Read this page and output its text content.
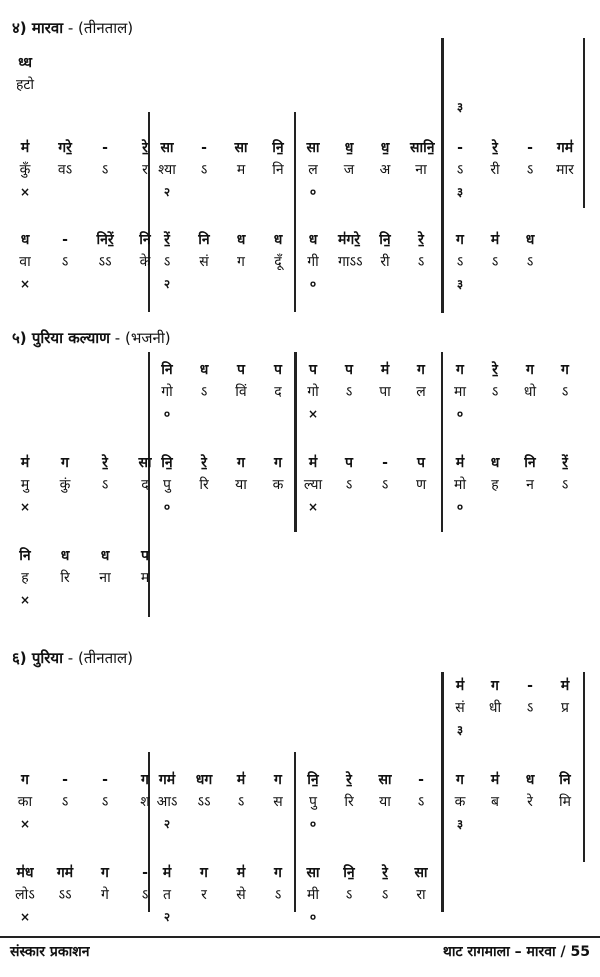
४) मारवा - (तीनताल)
५) पुरिया कल्याण - (भजनी)
६) पुरिया - (तीनताल)
ध्ध
हटो
म॑
कुँ
×
गरे॒
वऽ
-
ऽ
रे॒
र
सा
श्या
२
-
ऽ
सा
म
नि॒
नि
सा
ल
०
ध॒
ज
ध॒
अ
सानि॒
ना
-
ऽ
३
रे॒
री
-
ऽ
गम॑
मार
ध
वा
×
-
ऽ
निरें॒
ऽऽ
नि
के
रें॒
ऽ
२
नि
सं
ध
ग
ध
दूँ
ध
गी
०
म॑गरे॒
गाऽऽ
नि॒
री
रे॒
ऽ
ग
ऽ
३
म॑
ऽ
ध
ऽ
३
नि
गो
०
ध
ऽ
प
विं
प
द
प
गो
×
प
ऽ
म॑
पा
ग
ल
ग
मा
०
रे॒
ऽ
ग
धो
ग
ऽ
म॑
मु
×
ग
कुं
रे॒
ऽ
सा
द
नि॒
पु
०
रे॒
रि
ग
या
ग
क
म॑
ल्या
×
प
ऽ
-
ऽ
प
ण
म॑
मो
०
ध
ह
नि
न
रें॒
ऽ
नि
ह
×
ध
रि
ध
ना
प
म
म॑
सं
३
ग
धी
-
ऽ
म॑
प्र
ग
का
×
-
ऽ
-
ऽ
ग
श
गम॑
आऽ
२
धग
ऽऽ
म॑
ऽ
ग
स
नि॒
पु
०
रे॒
रि
सा
या
-
ऽ
ग
क
३
म॑
ब
ध
रे
नि
मि
म॑ध
लोऽ
×
गम॑
ऽऽ
ग
गे
-
ऽ
म॑
त
२
ग
र
म॑
से
ग
ऽ
सा
मी
०
नि॒
ऽ
रे॒
ऽ
सा
रा
संस्कार प्रकाशन	थाट रागमाला – मारवा / 55
